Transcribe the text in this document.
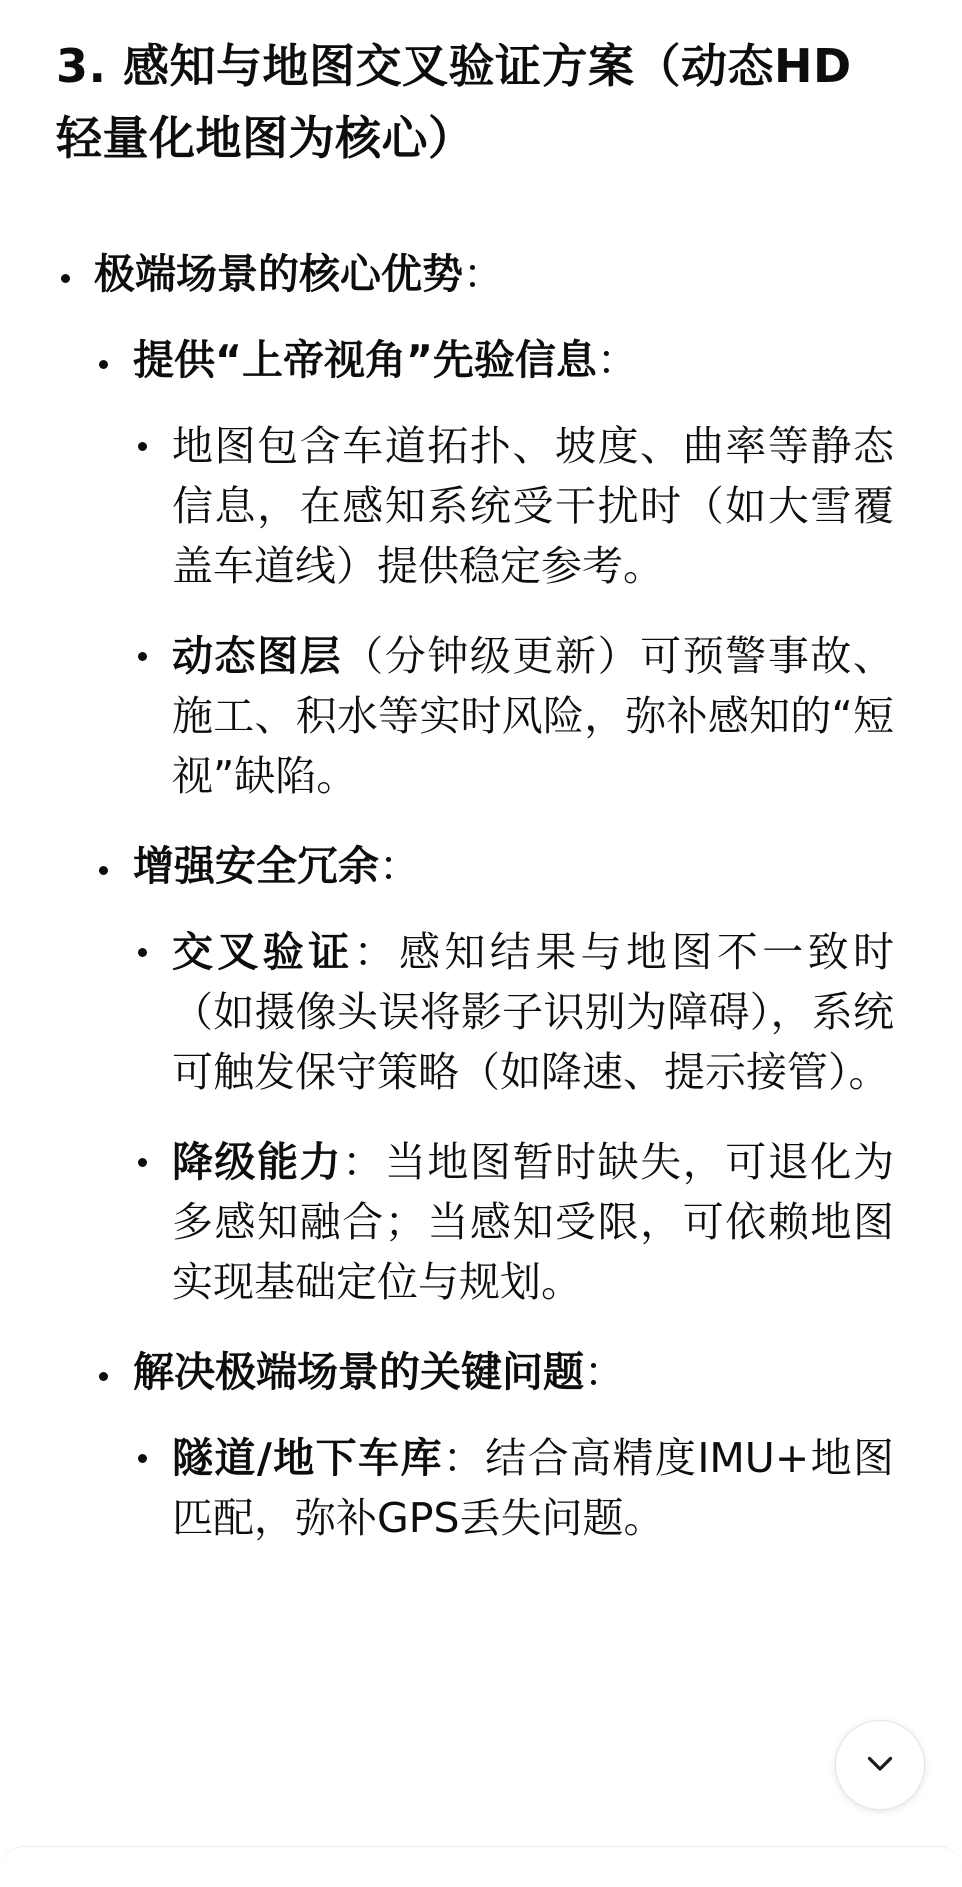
3. 感知与地图交叉验证方案（动态HD轻量化地图为核心）
极端场景的核心优势：
提供“上帝视角”先验信息：
地图包含车道拓扑、坡度、曲率等静态信息，在感知系统受干扰时（如大雪覆盖车道线）提供稳定参考。
动态图层（分钟级更新）可预警事故、施工、积水等实时风险，弥补感知的“短视”缺陷。
增强安全冗余：
交叉验证：感知结果与地图不一致时（如摄像头误将影子识别为障碍），系统可触发保守策略（如降速、提示接管）。
降级能力：当地图暂时缺失，可退化为多感知融合；当感知受限，可依赖地图实现基础定位与规划。
解决极端场景的关键问题：
隧道/地下车库：结合高精度IMU+地图匹配，弥补GPS丢失问题。
